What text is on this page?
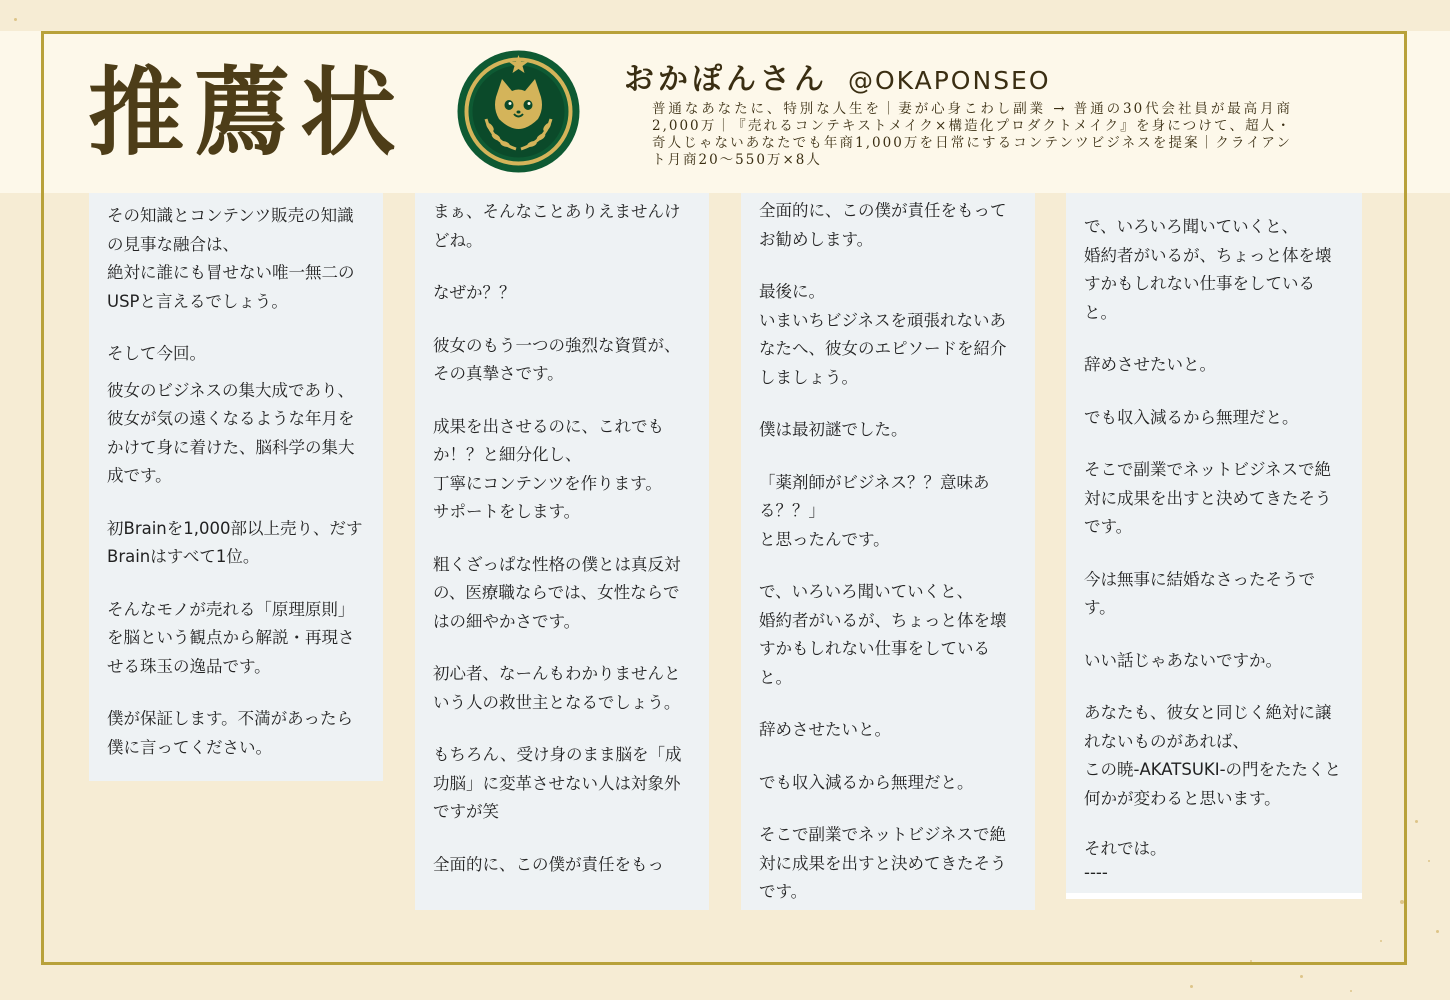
推薦状	おかぽんさん @OKAPONSEO

普通なあなたに、特別な人生を｜妻が心身こわし副業 → 普通の30代会社員が最高月商2,000万｜『売れるコンテキストメイク×構造化プロダクトメイク』を身につけて、超人・奇人じゃないあなたでも年商1,000万を日常にするコンテンツビジネスを提案｜クライアント月商20〜550万×8人

その知識とコンテンツ販売の知識の見事な融合は、
絶対に誰にも冒せない唯一無二のUSPと言えるでしょう。

そして今回。

彼女のビジネスの集大成であり、彼女が気の遠くなるような年月をかけて身に着けた、脳科学の集大成です。

初Brainを1,000部以上売り、だすBrainはすべて1位。

そんなモノが売れる「原理原則」を脳という観点から解説・再現させる珠玉の逸品です。

僕が保証します。不満があったら僕に言ってください。

まぁ、そんなことありえませんけどね。

なぜか？？

彼女のもう一つの強烈な資質が、その真摯さです。

成果を出させるのに、これでもか！？と細分化し、
丁寧にコンテンツを作ります。
サポートをします。

粗くざっぱな性格の僕とは真反対の、医療職ならでは、女性ならではの細やかさです。

初心者、なーんもわかりませんという人の救世主となるでしょう。

もちろん、受け身のまま脳を「成功脳」に変革させない人は対象外ですが笑

全面的に、この僕が責任をもっ

全面的に、この僕が責任をもってお勧めします。

最後に。
いまいちビジネスを頑張れないあなたへ、彼女のエピソードを紹介しましょう。

僕は最初謎でした。

「薬剤師がビジネス？？意味ある？？」
と思ったんです。

で、いろいろ聞いていくと、
婚約者がいるが、ちょっと体を壊すかもしれない仕事をしていると。

辞めさせたいと。

でも収入減るから無理だと。

そこで副業でネットビジネスで絶対に成果を出すと決めてきたそうです。

で、いろいろ聞いていくと、
婚約者がいるが、ちょっと体を壊すかもしれない仕事をしていると。

辞めさせたいと。

でも収入減るから無理だと。

そこで副業でネットビジネスで絶対に成果を出すと決めてきたそうです。

今は無事に結婚なさったそうです。

いい話じゃあないですか。

あなたも、彼女と同じく絶対に譲れないものがあれば、
この暁-AKATSUKI-の門をたたくと何かが変わると思います。

それでは。
----
